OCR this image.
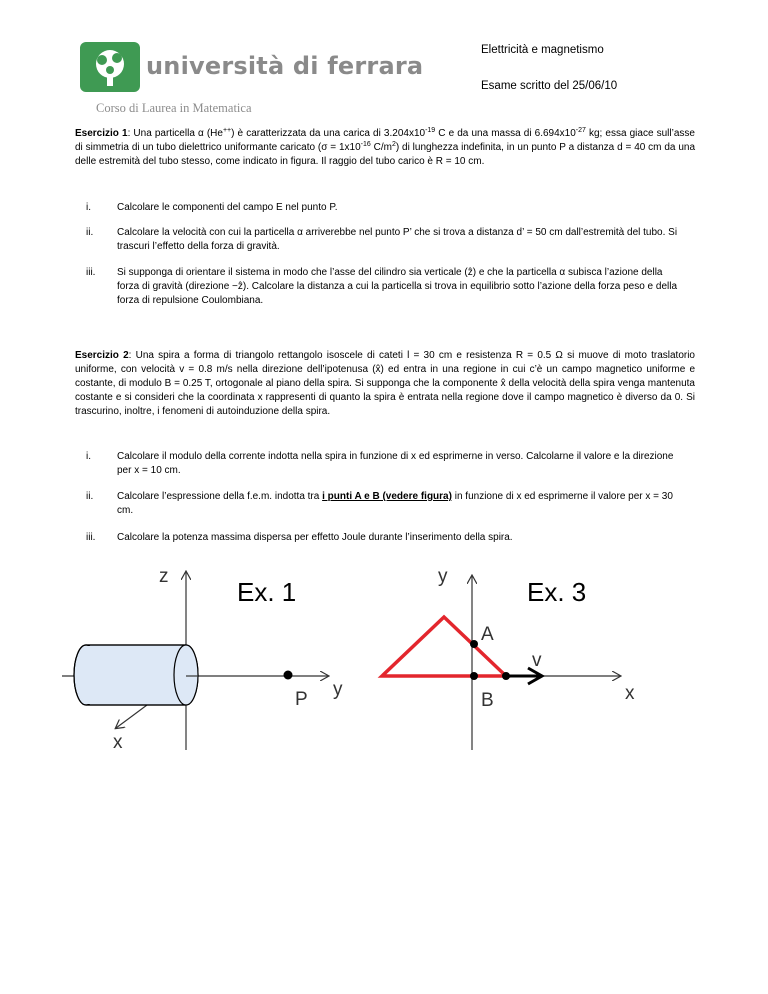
università di ferrara
Corso di Laurea in Matematica
Elettricità e magnetismo
Esame scritto del 25/06/10
Esercizio 1: Una particella α (He++) è caratterizzata da una carica di $3.204x10^{-19}$ C e da una massa di $6.694x10^{-27}$ kg; essa giace sull’asse di simmetria di un tubo dielettrico uniformante caricato ($\sigma = 1x10^{-16}$ $C/m^2$) di lunghezza indefinita, in un punto P a distanza d = 40 cm da una delle estremità del tubo stesso, come indicato in figura. Il raggio del tubo carico è R = 10 cm.
i.	Calcolare le componenti del campo E nel punto P.
ii. Calcolare la velocità con cui la particella α arriverebbe nel punto P’ che si trova a distanza d’ = 50 cm dall’estremità del tubo. Si trascuri l’effetto della forza di gravità.
iii. Si supponga di orientare il sistema in modo che l’asse del cilindro sia verticale (ẑ) e che la particella α subisca l’azione della forza di gravità (direzione −ẑ). Calcolare la distanza a cui la particella si trova in equilibrio sotto l’azione della forza peso e della forza di repulsione Coulombiana.
Esercizio 2: Una spira a forma di triangolo rettangolo isoscele di cateti l = 30 cm e resistenza R = 0.5 Ω si muove di moto traslatorio uniforme, con velocità v = 0.8 m/s nella direzione dell’ipotenusa (x̂) ed entra in una regione in cui c’è un campo magnetico uniforme e costante, di modulo B = 0.25 T, ortogonale al piano della spira. Si supponga che la componente x̂ della velocità della spira venga mantenuta costante e si consideri che la coordinata x rappresenti di quanto la spira è entrata nella regione dove il campo magnetico è diverso da 0. Si trascurino, inoltre, i fenomeni di autoinduzione della spira.
i.	Calcolare il modulo della corrente indotta nella spira in funzione di x ed esprimerne in verso. Calcolarne il valore e la direzione per x = 10 cm.
ii. Calcolare l’espressione della f.e.m. indotta tra i punti A e B (vedere figura) in funzione di x ed esprimerne il valore per x = 30 cm.
iii. Calcolare la potenza massima dispersa per effetto Joule durante l’inserimento della spira.
Ex. 1
z
y
x
P
Ex. 3
y
x
A
B
v
